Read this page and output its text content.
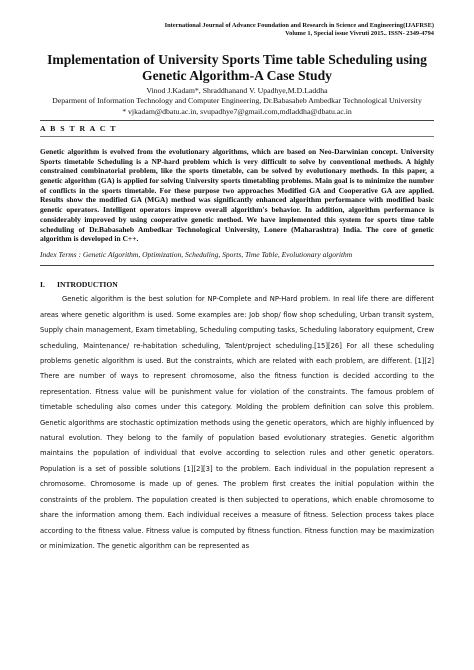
International Journal of Advance Foundation and Research in Science and Engineering(IJAFRSE)
Volume 1, Special issue Vivruti 2015.. ISSN- 2349-4794
Implementation of University Sports Time table Scheduling using Genetic Algorithm-A Case Study

Vinod J.Kadam*, Shraddhanand V. Upadhye,M.D.Laddha

Deparment of Information Technology and Computer Engineering, Dr.Babasaheb Ambedkar Technological University

* vjkadam@dbatu.ac.in, svupadhye7@gmail.com,mdladdha@dbatu.ac.in

A B S T R A C T

Genetic algorithm is evolved from the evolutionary algorithms, which are based on Neo-Darwinian concept. University Sports timetable Scheduling is a NP-hard problem which is very difficult to solve by conventional methods. A highly constrained combinatorial problem, like the sports timetable, can be solved by evolutionary methods. In this paper, a genetic algorithm (GA) is applied for solving University sports timetabling problems. Main goal is to minimize the number of conflicts in the sports timetable. For these purpose two approaches Modified GA and Cooperative GA are applied. Results show the modified GA (MGA) method was significantly enhanced algorithm performance with modified basic genetic operators. Intelligent operators improve overall algorithm's behavior. In addition, algorithm performance is considerably improved by using cooperative genetic method. We have implemented this system for sports time table scheduling of Dr.Babasaheb Ambedkar Technological University, Lonere (Maharashtra) India. The core of genetic algorithm is developed in C++.

Index Terms : Genetic Algorithm, Optimization, Scheduling, Sports, Time Table, Evolutionary algorithm

I. INTRODUCTION

Genetic algorithm is the best solution for NP-Complete and NP-Hard problem. In real life there are different areas where genetic algorithm is used. Some examples are: Job shop/ flow shop scheduling, Urban transit system, Supply chain management, Exam timetabling, Scheduling computing tasks, Scheduling laboratory equipment, Crew scheduling, Maintenance/ re-habitation scheduling, Talent/project scheduling.[15][26] For all these scheduling problems genetic algorithm is used. But the constraints, which are related with each problem, are different. [1][2] There are number of ways to represent chromosome, also the fitness function is decided according to the representation. Fitness value will be punishment value for violation of the constraints. The famous problem of timetable scheduling also comes under this category. Molding the problem definition can solve this problem. Genetic algorithms are stochastic optimization methods using the genetic operators, which are highly influenced by natural evolution. They belong to the family of population based evolutionary strategies. Genetic algorithm maintains the population of individual that evolve according to selection rules and other genetic operators. Population is a set of possible solutions [1][2][3] to the problem. Each individual in the population represent a chromosome. Chromosome is made up of genes. The problem first creates the initial population within the constraints of the problem. The population created is then subjected to operations, which enable chromosome to share the information among them. Each individual receives a measure of fitness. Selection process takes place according to the fitness value. Fitness value is computed by fitness function. Fitness function may be maximization or minimization. The genetic algorithm can be represented as
